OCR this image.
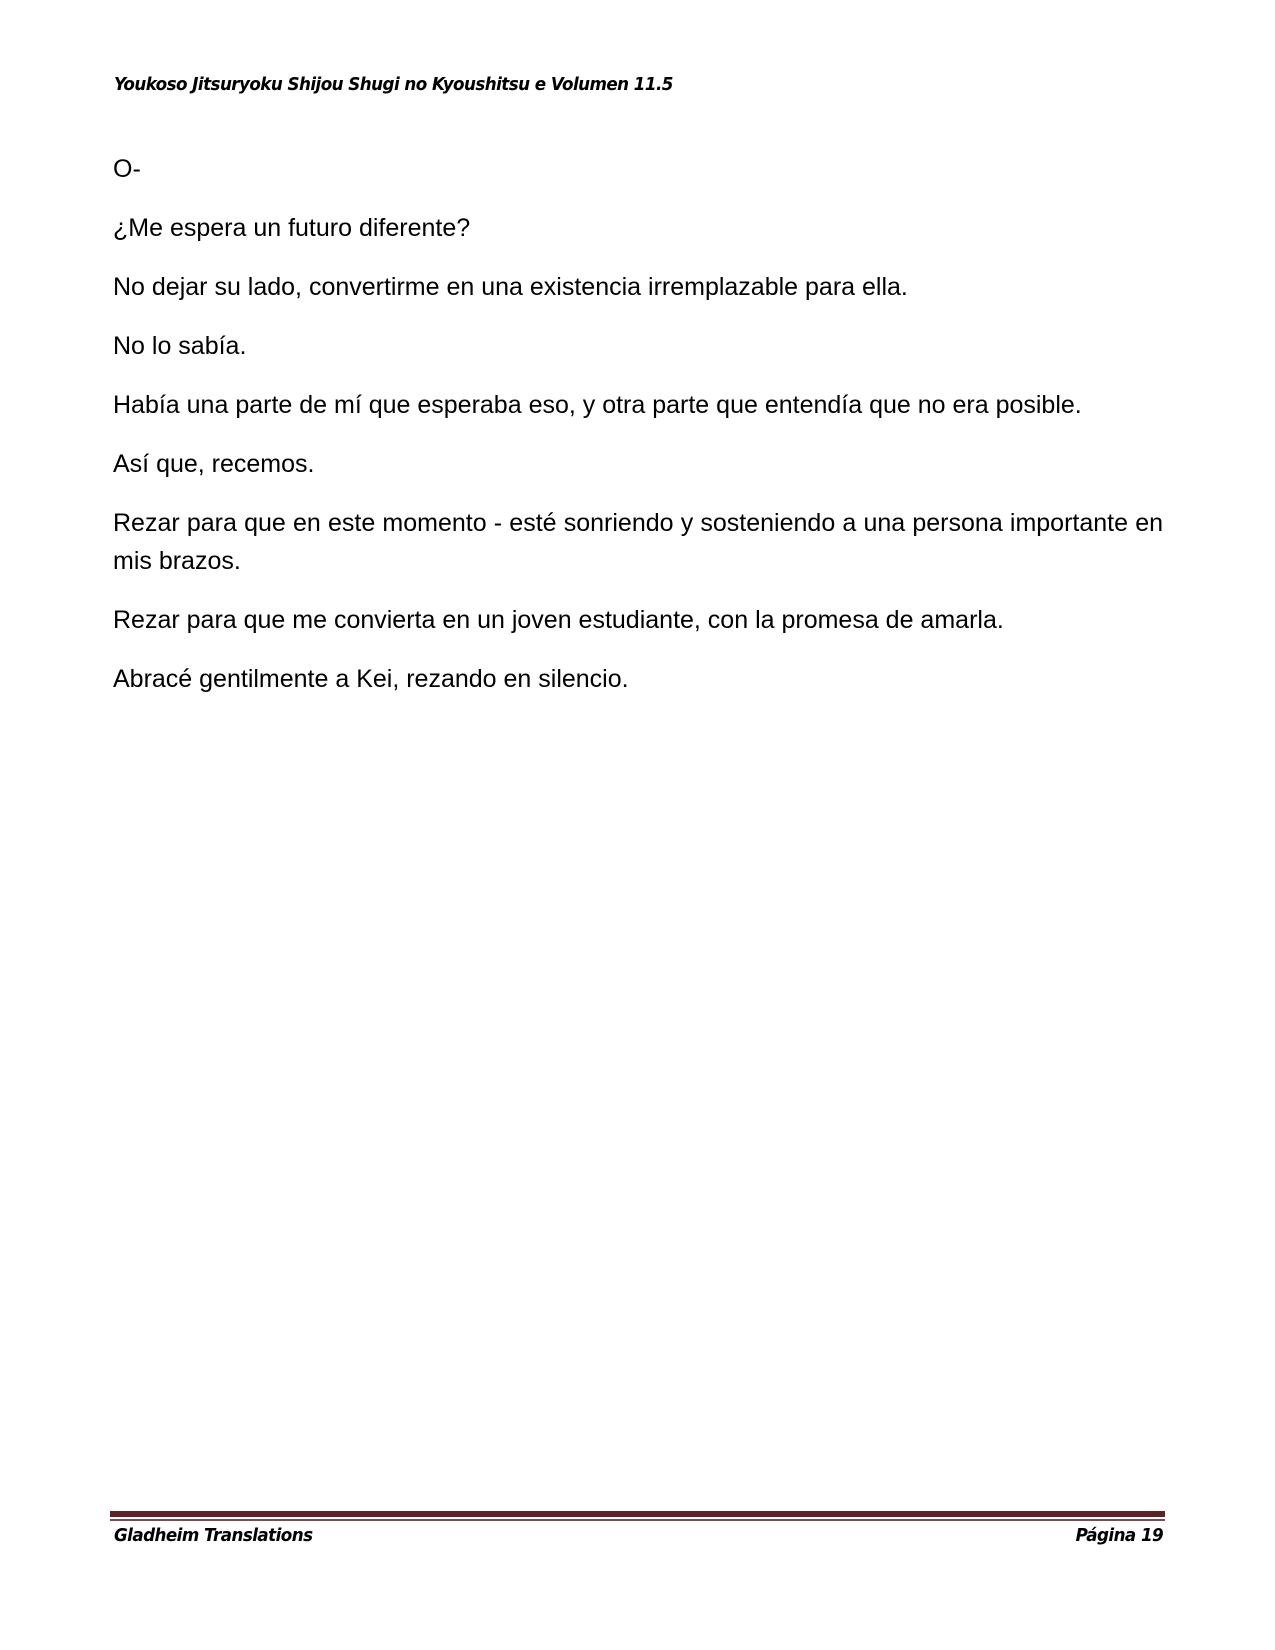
Youkoso Jitsuryoku Shijou Shugi no Kyoushitsu e Volumen 11.5

O-

¿Me espera un futuro diferente?

No dejar su lado, convertirme en una existencia irremplazable para ella.

No lo sabía.

Había una parte de mí que esperaba eso, y otra parte que entendía que no era posible.

Así que, recemos.

Rezar para que en este momento - esté sonriendo y sosteniendo a una persona importante en mis brazos.

Rezar para que me convierta en un joven estudiante, con la promesa de amarla.

Abracé gentilmente a Kei, rezando en silencio.

Gladheim Translations	Página 19
